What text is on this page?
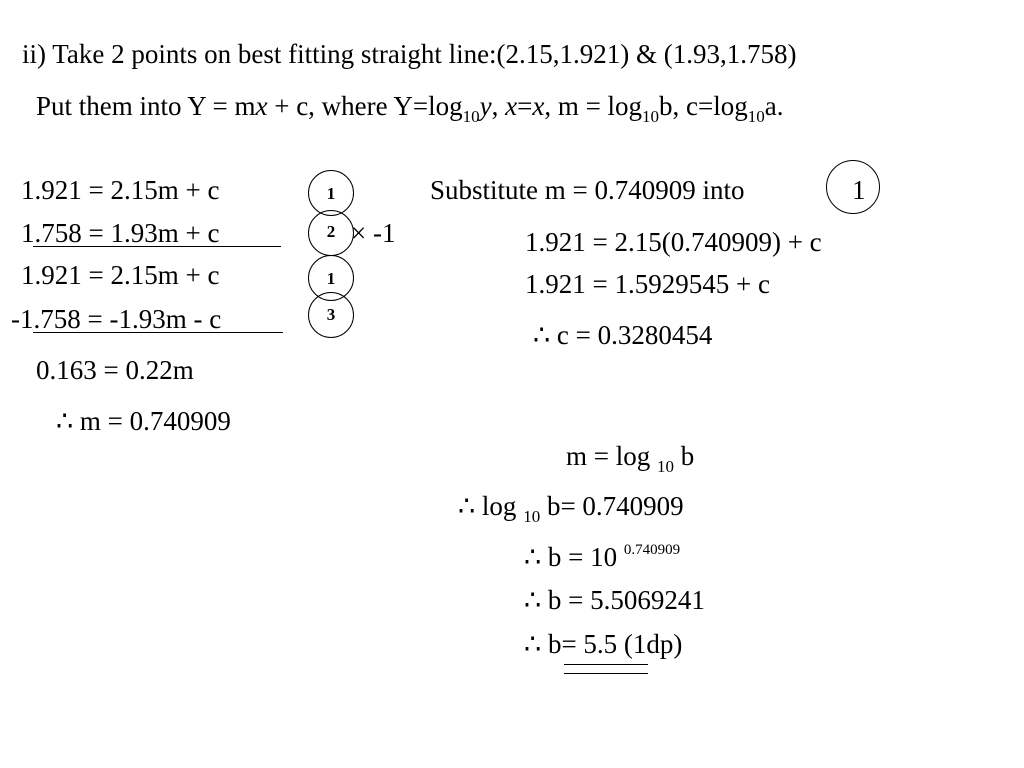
ii) Take 2 points on best fitting straight line:(2.15,1.921) & (1.93,1.758)
Put them into Y = mx + c, where $Y=\log_{10}y$, x=x, $m = \log_{10}b$, $c=\log_{10}a$.
1.921 = 2.15m + c
1.758 = 1.93m + c	× -1
1.921 = 2.15m + c
-1.758 = -1.93m - c
1
2
1
3
0.163 = 0.22m
∴ m = 0.740909
Substitute m = 0.740909 into	1
1.921 = 2.15(0.740909) + c
1.921 = 1.5929545 + c
∴ c = 0.3280454
m = log $_{10}$ b
∴ log $_{10}$ b= 0.740909
∴ b = 10 $^{0.740909}$
∴ b = 5.5069241
∴ b= 5.5 (1dp)
